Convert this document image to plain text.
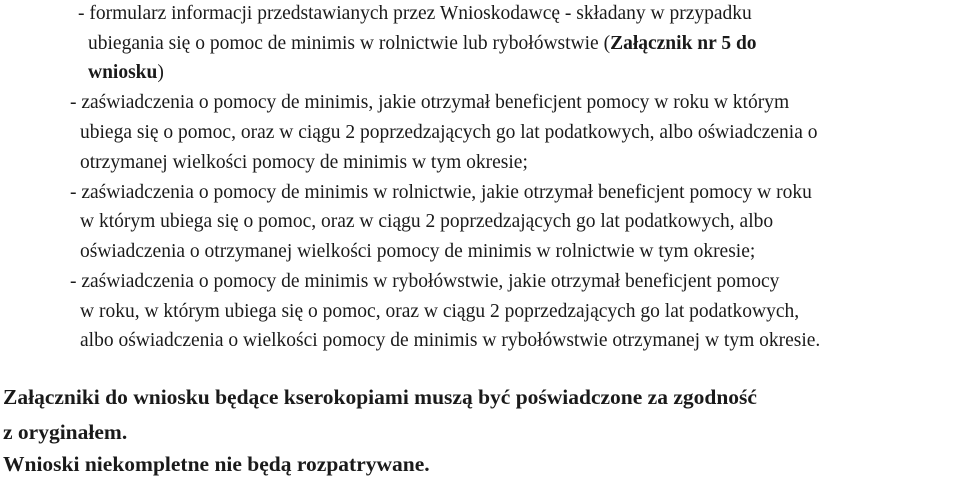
- formularz informacji przedstawianych przez Wnioskodawcę - składany w przypadku
ubiegania się o pomoc de minimis w rolnictwie lub rybołówstwie (Załącznik nr 5 do
wniosku)
- zaświadczenia o pomocy de minimis, jakie otrzymał beneficjent pomocy w roku w którym
ubiega się o pomoc, oraz w ciągu 2 poprzedzających go lat podatkowych, albo oświadczenia o
otrzymanej wielkości pomocy de minimis w tym okresie;
- zaświadczenia o pomocy de minimis w rolnictwie, jakie otrzymał beneficjent pomocy w roku
w którym ubiega się o pomoc, oraz w ciągu 2 poprzedzających go lat podatkowych, albo
oświadczenia o otrzymanej wielkości pomocy de minimis w rolnictwie w tym okresie;
- zaświadczenia o pomocy de minimis w rybołówstwie, jakie otrzymał beneficjent pomocy
w roku, w którym ubiega się o pomoc, oraz w ciągu 2 poprzedzających go lat podatkowych,
albo oświadczenia o wielkości pomocy de minimis w rybołówstwie otrzymanej w tym okresie.
Załączniki do wniosku będące kserokopiami muszą być poświadczone za zgodność
z oryginałem.
Wnioski niekompletne nie będą rozpatrywane.
